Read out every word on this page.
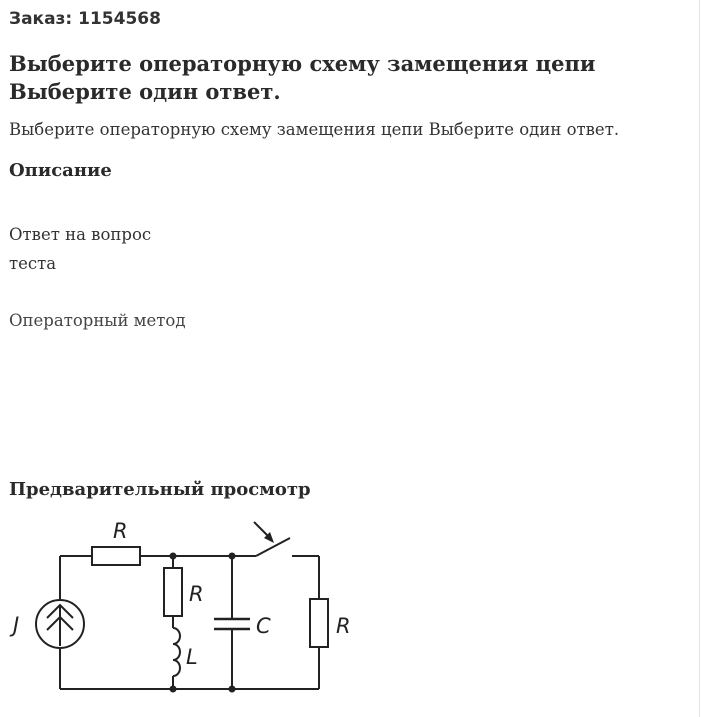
Заказ: 1154568
Выберите операторную схему замещения цепи
Выберите один ответ.
Выберите операторную схему замещения цепи Выберите один ответ.
Описание
Ответ на вопрос
теста
Операторный метод
Предварительный просмотр
R
R
L
C	R
J
